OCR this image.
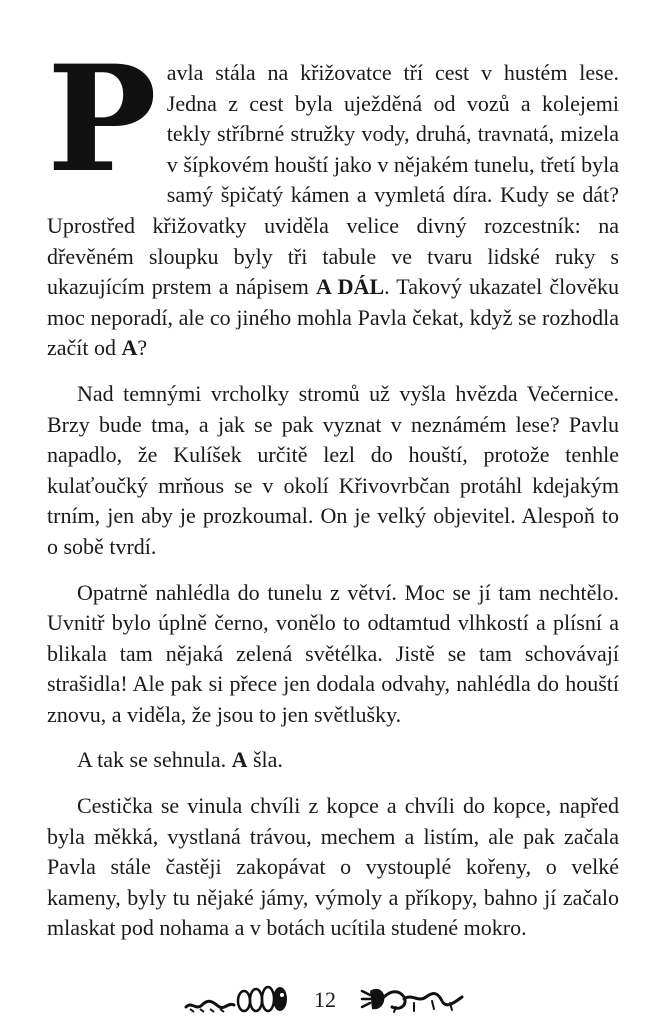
Pavla stála na křižovatce tří cest v hustém lese. Jedna z cest byla uježděná od vozů a kolejemi tekly stříbrné stružky vody, druhá, travnatá, mizela v šípkovém houští jako v nějakém tunelu, třetí byla samý špičatý kámen a vymletá díra. Kudy se dát? Uprostřed křižovatky uviděla velice divný rozcestník: na dřevěném sloupku byly tři tabule ve tvaru lidské ruky s ukazujícím prstem a nápisem A DÁL. Takový ukazatel člověku moc neporadí, ale co jiného mohla Pavla čekat, když se rozhodla začít od A?

Nad temnými vrcholky stromů už vyšla hvězda Večernice. Brzy bude tma, a jak se pak vyznat v neznámém lese? Pavlu napadlo, že Kulíšek určitě lezl do houští, protože tenhle kulaťoučký mrňous se v okolí Křivovrbčan protáhl kdejakým trním, jen aby je prozkoumal. On je velký objevitel. Alespoň to o sobě tvrdí.

Opatrně nahlédla do tunelu z větví. Moc se jí tam nechtělo. Uvnitř bylo úplně černo, vonělo to odtamtud vlhkostí a plísní a blikala tam nějaká zelená světélka. Jistě se tam schovávají strašidla! Ale pak si přece jen dodala odvahy, nahlédla do houští znovu, a viděla, že jsou to jen světlušky.

A tak se sehnula. A šla.

Cestička se vinula chvíli z kopce a chvíli do kopce, napřed byla měkká, vystlaná trávou, mechem a listím, ale pak začala Pavla stále častěji zakopávat o vystouplé kořeny, o velké kameny, byly tu nějaké jámy, výmoly a příkopy, bahno jí začalo mlaskat pod nohama a v botách ucítila studené mokro.

12
